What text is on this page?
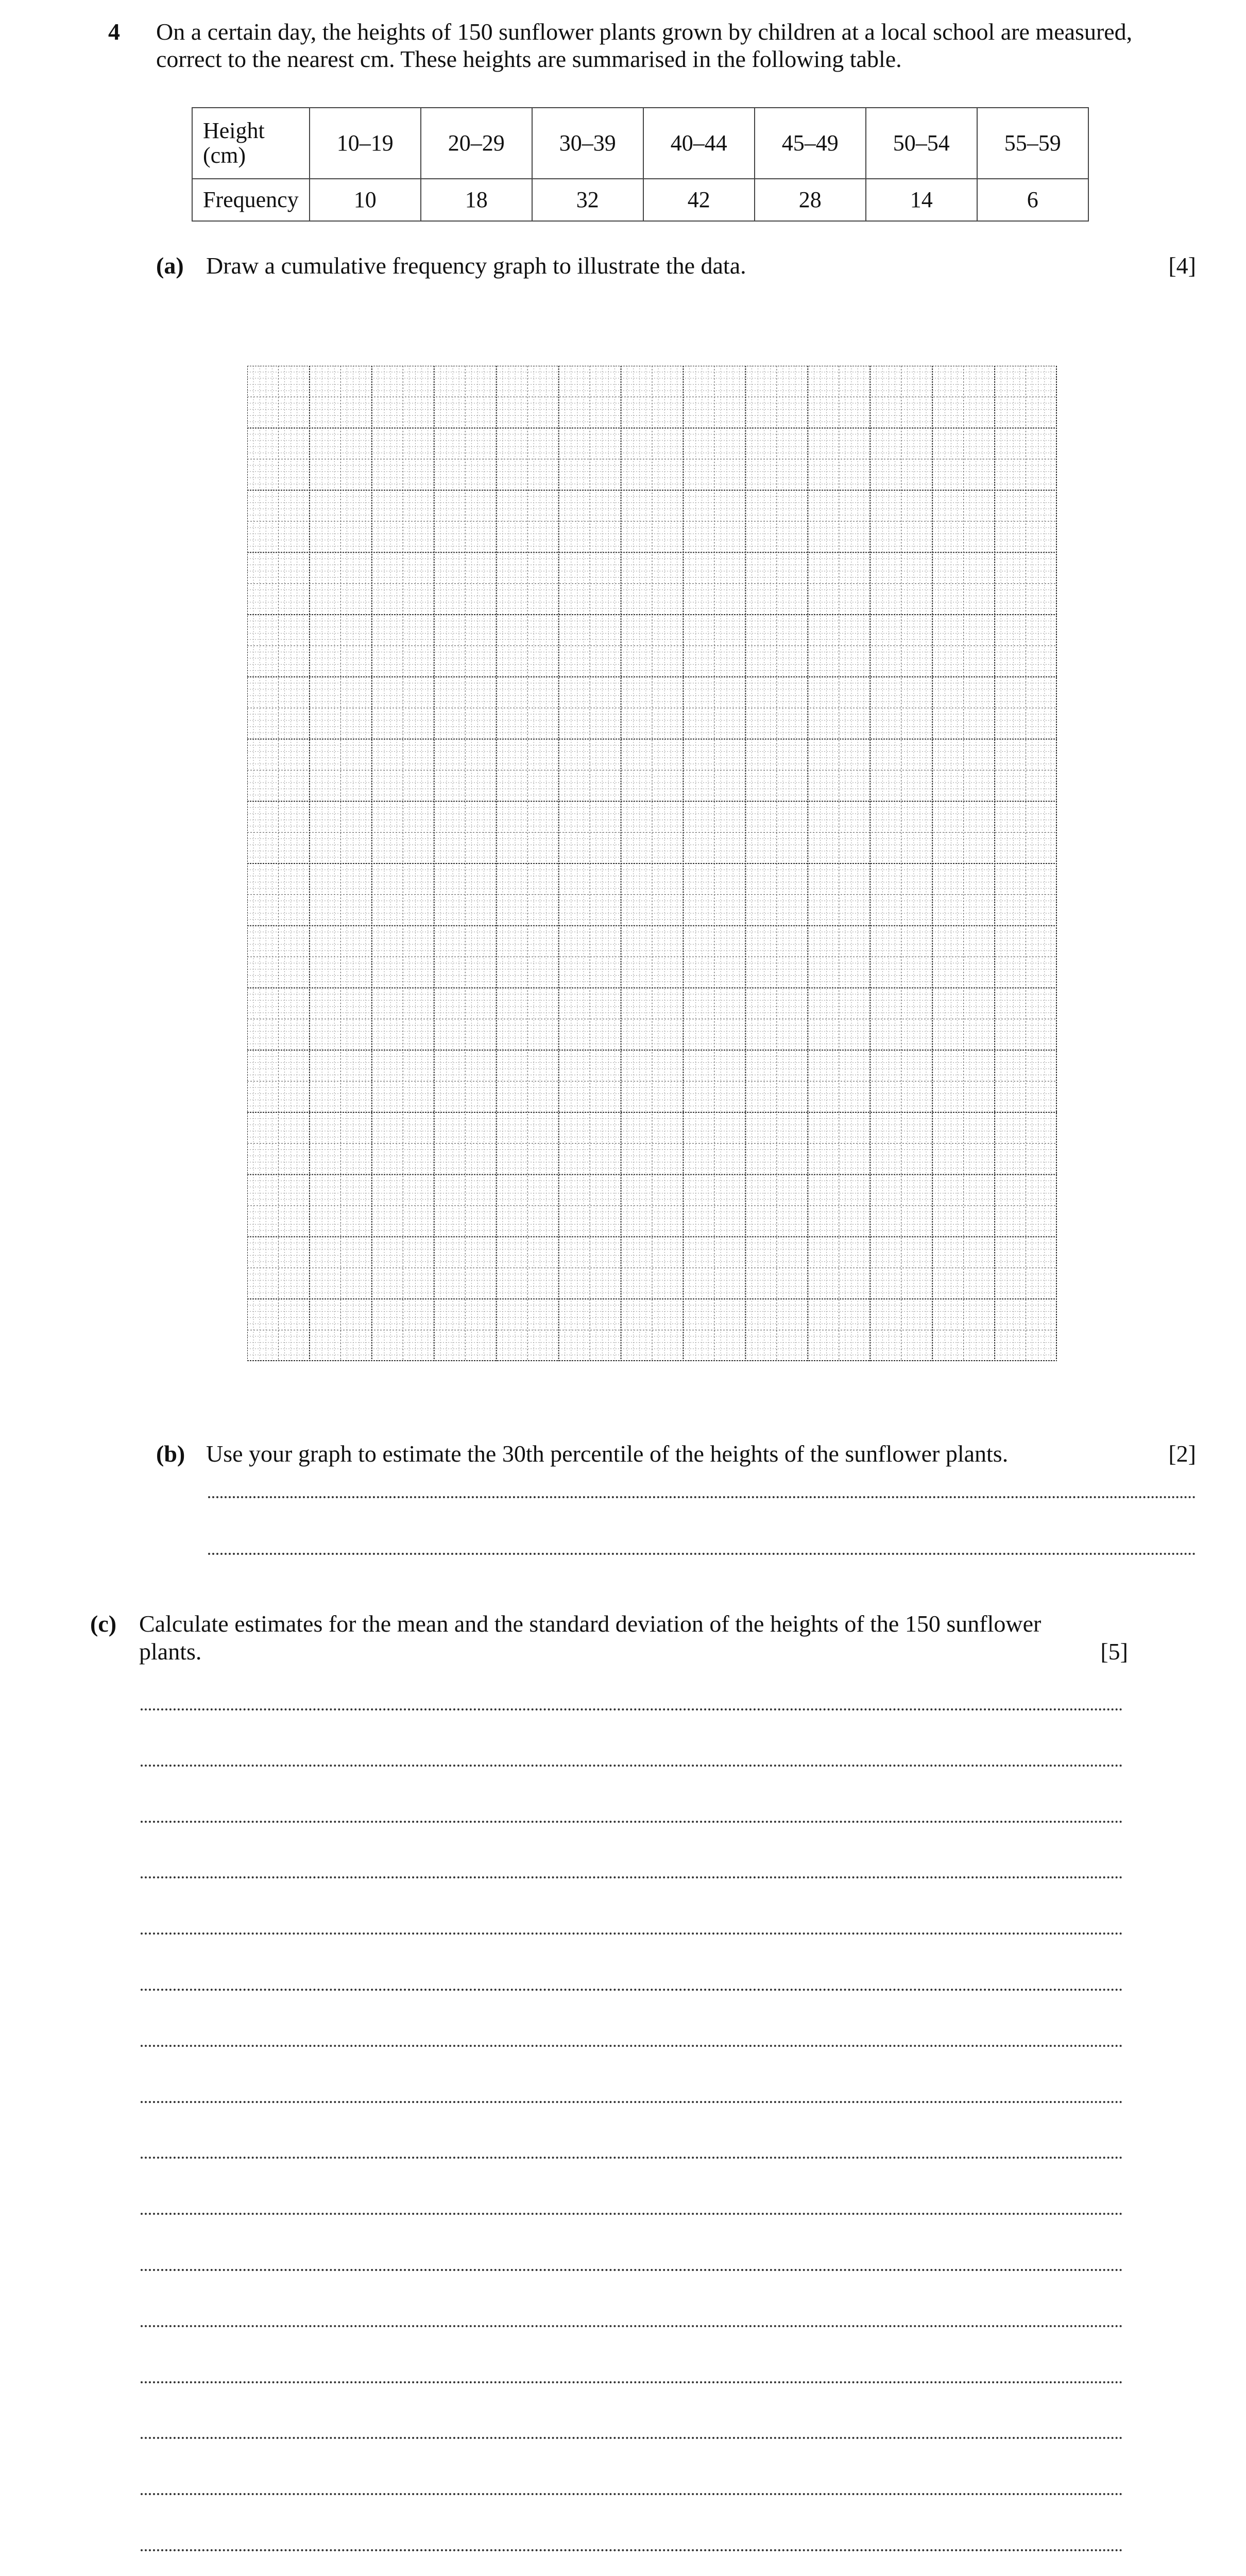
4 On a certain day, the heights of 150 sunflower plants grown by children at a local school are measured,
correct to the nearest cm. These heights are summarised in the following table.
Height
(cm)	10–19	20–29	30–39	40–44	45–49	50–54	55–59
Frequency	10	18	32	42	28	14	6
(a) Draw a cumulative frequency graph to illustrate the data.	[4]
(b) Use your graph to estimate the 30th percentile of the heights of the sunflower plants.	[2]
(c) Calculate estimates for the mean and the standard deviation of the heights of the 150 sunflower
plants.	[5]
